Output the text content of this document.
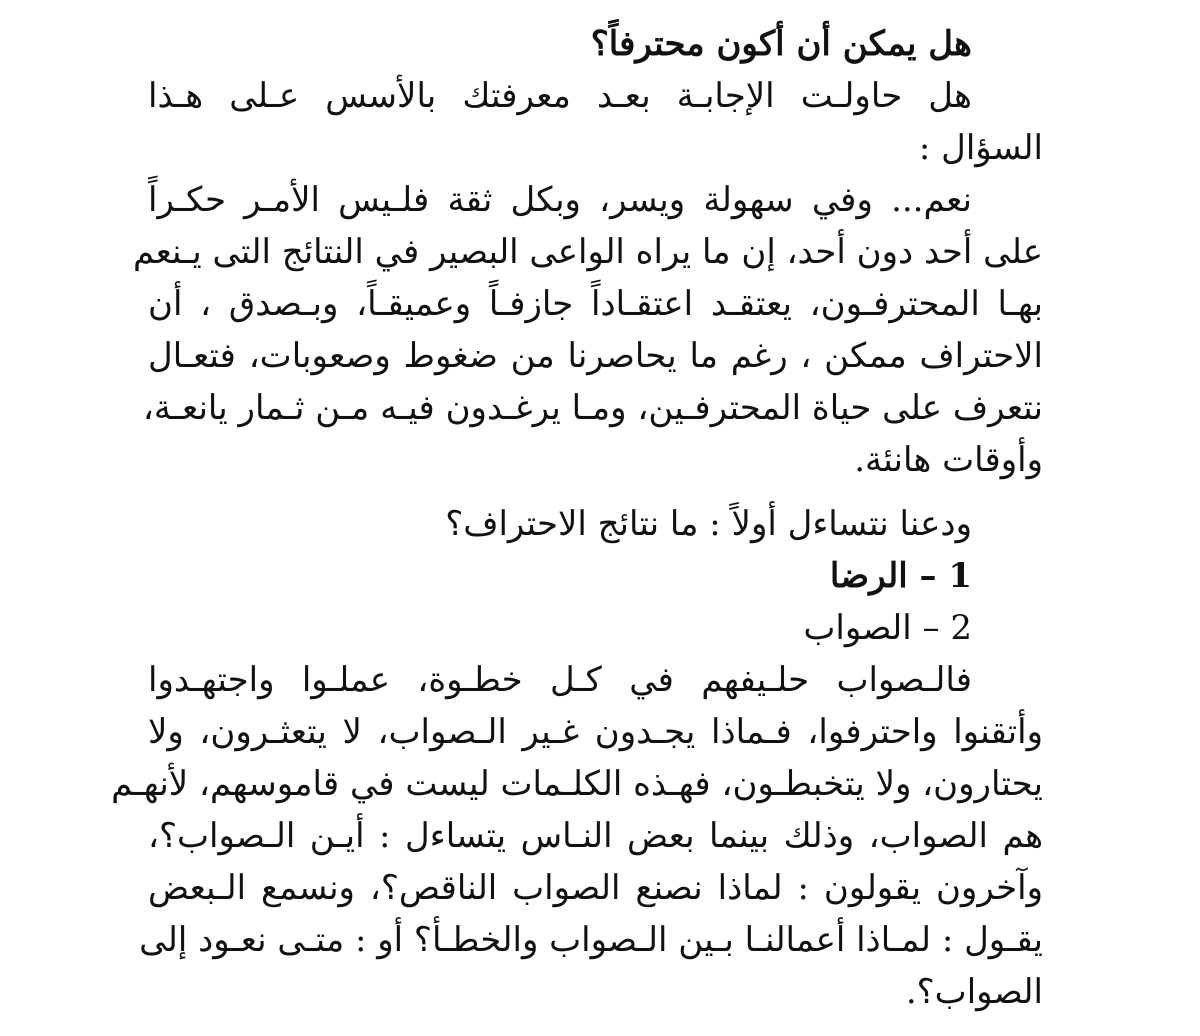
هل يمكن أن أكون محترفاً؟
هل حاولـت الإجابـة بعـد معرفتك بالأسس عـلى هـذا
السؤال :
نعم... وفي سهولة ويسر، وبكل ثقة فلـيس الأمـر حكـراً
على أحد دون أحد، إن ما يراه الواعى البصير في النتائج التى يـنعم
بهـا المحترفـون، يعتقـد اعتقـاداً جازفـاً وعميقـاً، وبـصدق ، أن
الاحتراف ممكن ، رغم ما يحاصرنا من ضغوط وصعوبات، فتعـال
نتعرف على حياة المحترفـين، ومـا يرغـدون فيـه مـن ثـمار يانعـة،
وأوقات هانئة.
ودعنا نتساءل أولاً : ما نتائج الاحتراف؟
1 – الرضا
2 – الصواب
فالـصواب حلـيفهم في كـل خطـوة، عملـوا واجتهـدوا
وأتقنوا واحترفوا، فـماذا يجـدون غـير الـصواب، لا يتعثـرون، ولا
يحتارون، ولا يتخبطـون، فهـذه الكلـمات ليست في قاموسهم، لأنهـم
هم الصواب، وذلك بينما بعض النـاس يتساءل : أيـن الـصواب؟،
وآخرون يقولون : لماذا نصنع الصواب الناقص؟، ونسمع الـبعض
يقـول : لمـاذا أعمالنـا بـين الـصواب والخطـأ؟ أو : متـى نعـود إلى
الصواب؟.
